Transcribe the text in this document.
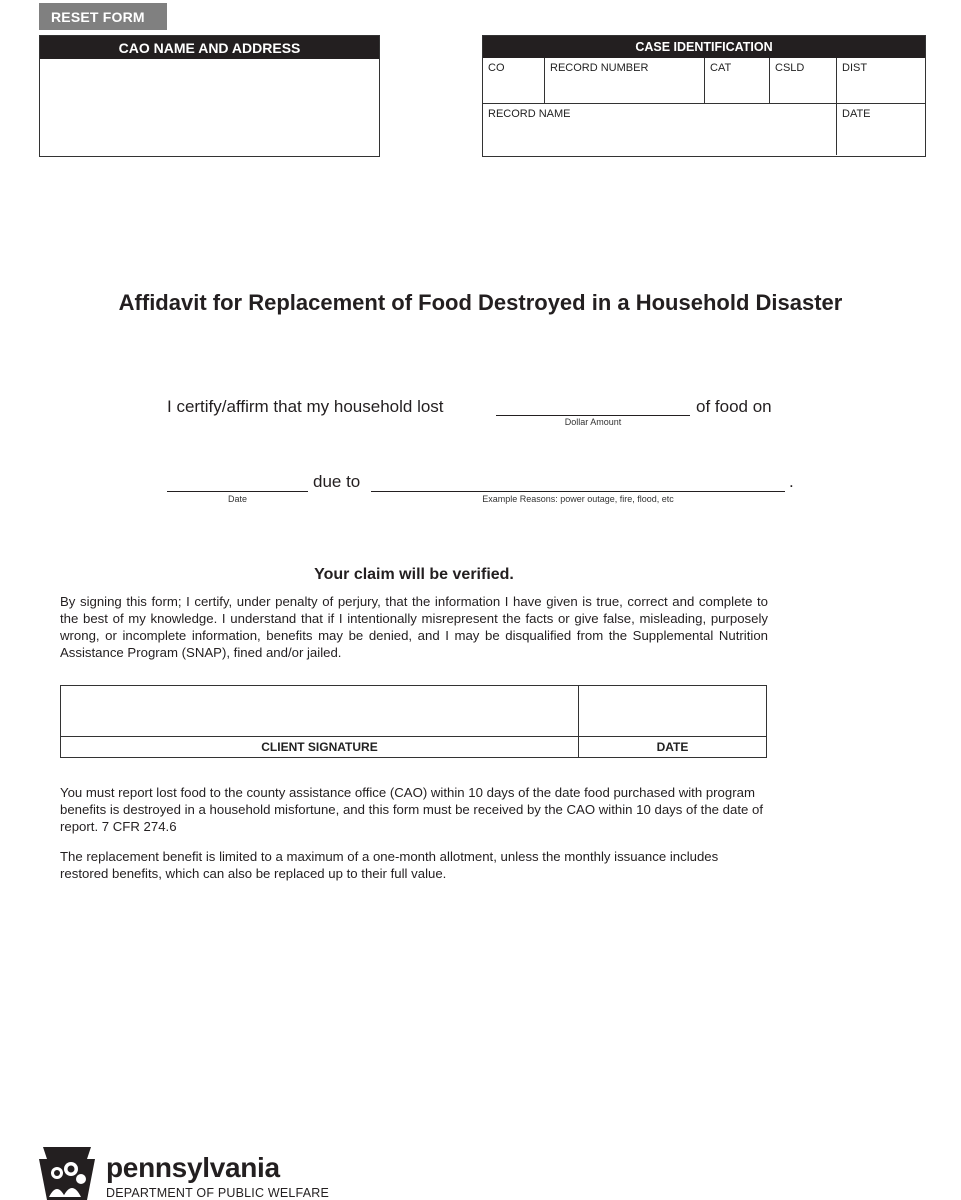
RESET FORM
CAO NAME AND ADDRESS	CASE IDENTIFICATION
CO	RECORD NUMBER	CAT	CSLD	DIST
RECORD NAME	DATE
Affidavit for Replacement of Food Destroyed in a Household Disaster
I certify/affirm that my household lost	of food on
Dollar Amount
due to	.
Date	Example Reasons: power outage, fire, flood, etc
Your claim will be verified.
By signing this form; I certify, under penalty of perjury, that the information I have given is true, correct and complete to the best of my knowledge. I understand that if I intentionally misrepresent the facts or give false, misleading, purposely wrong, or incomplete information, benefits may be denied, and I may be disqualified from the Supplemental Nutrition Assistance Program (SNAP), fined and/or jailed.
CLIENT SIGNATURE	DATE
You must report lost food to the county assistance office (CAO) within 10 days of the date food purchased with program benefits is destroyed in a household misfortune, and this form must be received by the CAO within 10 days of the date of report. 7 CFR 274.6
The replacement benefit is limited to a maximum of a one-month allotment, unless the monthly issuance includes restored benefits, which can also be replaced up to their full value.
pennsylvania
DEPARTMENT OF PUBLIC WELFARE
